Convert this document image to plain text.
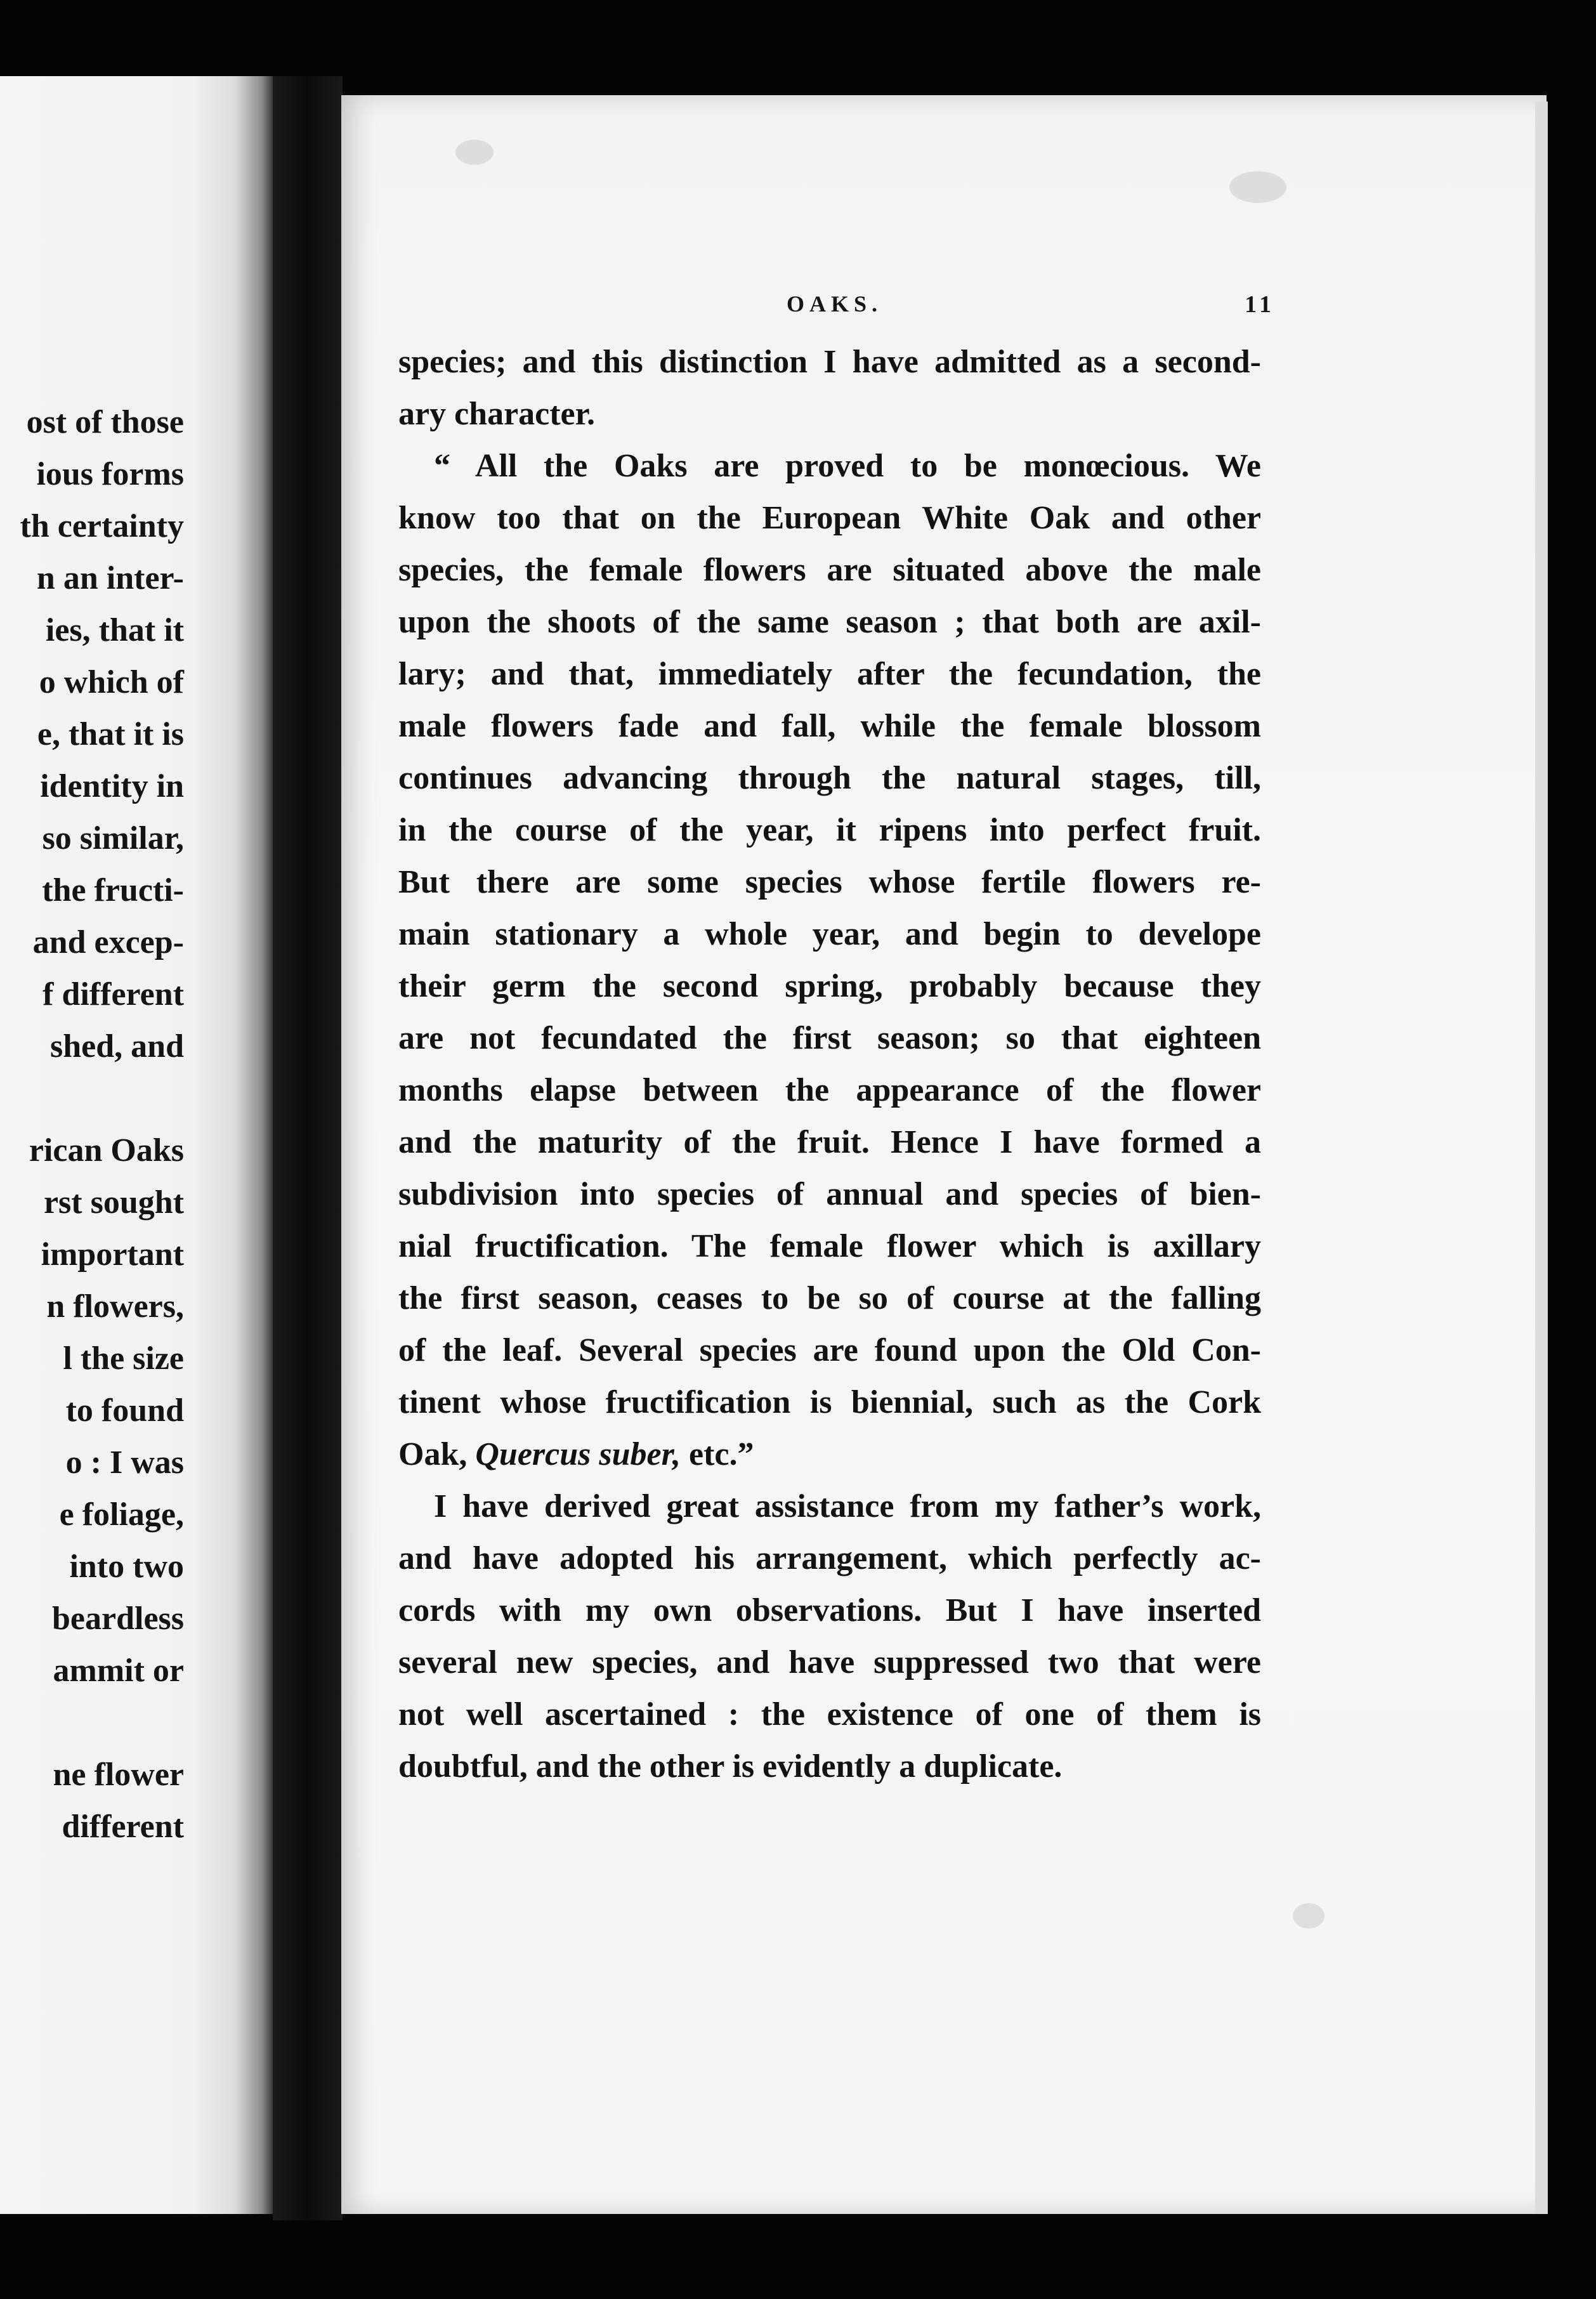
ost of those
ious forms
th certainty
n an inter-
ies, that it
o which of
e, that it is
identity in
so similar,
the fructi-
and excep-
f different
shed, and
rican Oaks
rst sought
important
n flowers,
l the size
to found
o : I was
e foliage,
into two
beardless
ammit or
ne flower
different
OAKS.	11
species; and this distinction I have admitted as a second-
ary character.
“ All the Oaks are proved to be monœcious. We
know too that on the European White Oak and other
species, the female flowers are situated above the male
upon the shoots of the same season ; that both are axil-
lary; and that, immediately after the fecundation, the
male flowers fade and fall, while the female blossom
continues advancing through the natural stages, till,
in the course of the year, it ripens into perfect fruit.
But there are some species whose fertile flowers re-
main stationary a whole year, and begin to develope
their germ the second spring, probably because they
are not fecundated the first season; so that eighteen
months elapse between the appearance of the flower
and the maturity of the fruit. Hence I have formed a
subdivision into species of annual and species of bien-
nial fructification. The female flower which is axillary
the first season, ceases to be so of course at the falling
of the leaf. Several species are found upon the Old Con-
tinent whose fructification is biennial, such as the Cork
Oak, Quercus suber, etc.”
I have derived great assistance from my father’s work,
and have adopted his arrangement, which perfectly ac-
cords with my own observations. But I have inserted
several new species, and have suppressed two that were
not well ascertained : the existence of one of them is
doubtful, and the other is evidently a duplicate.
